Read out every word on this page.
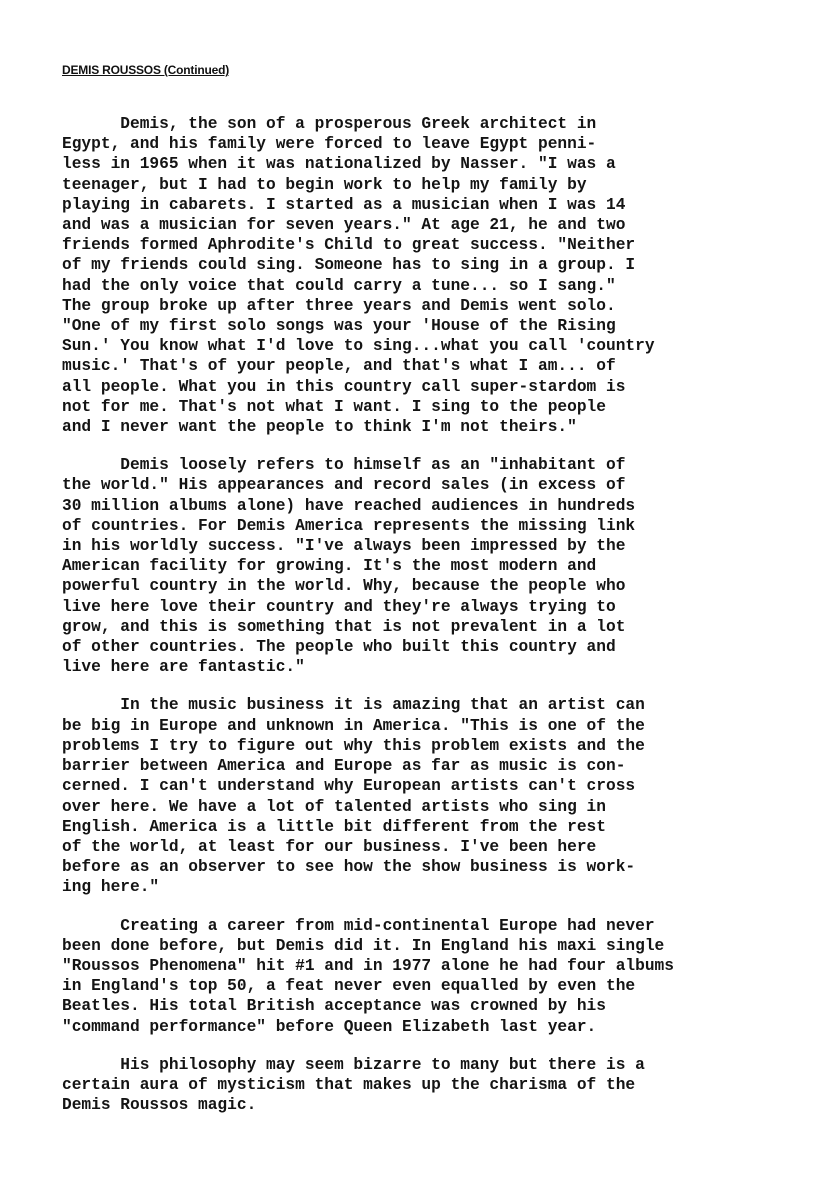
DEMIS ROUSSOS (Continued)

Demis, the son of a prosperous Greek architect in
Egypt, and his family were forced to leave Egypt penni-
less in 1965 when it was nationalized by Nasser. "I was a
teenager, but I had to begin work to help my family by
playing in cabarets. I started as a musician when I was 14
and was a musician for seven years." At age 21, he and two
friends formed Aphrodite's Child to great success. "Neither
of my friends could sing. Someone has to sing in a group. I
had the only voice that could carry a tune... so I sang."
The group broke up after three years and Demis went solo.
"One of my first solo songs was your 'House of the Rising
Sun.' You know what I'd love to sing...what you call 'country
music.' That's of your people, and that's what I am... of
all people. What you in this country call super-stardom is
not for me. That's not what I want. I sing to the people
and I never want the people to think I'm not theirs."

Demis loosely refers to himself as an "inhabitant of
the world." His appearances and record sales (in excess of
30 million albums alone) have reached audiences in hundreds
of countries. For Demis America represents the missing link
in his worldly success. "I've always been impressed by the
American facility for growing. It's the most modern and
powerful country in the world. Why, because the people who
live here love their country and they're always trying to
grow, and this is something that is not prevalent in a lot
of other countries. The people who built this country and
live here are fantastic."

In the music business it is amazing that an artist can
be big in Europe and unknown in America. "This is one of the
problems I try to figure out why this problem exists and the
barrier between America and Europe as far as music is con-
cerned. I can't understand why European artists can't cross
over here. We have a lot of talented artists who sing in
English. America is a little bit different from the rest
of the world, at least for our business. I've been here
before as an observer to see how the show business is work-
ing here."

Creating a career from mid-continental Europe had never
been done before, but Demis did it. In England his maxi single
"Roussos Phenomena" hit #1 and in 1977 alone he had four albums
in England's top 50, a feat never even equalled by even the
Beatles. His total British acceptance was crowned by his
"command performance" before Queen Elizabeth last year.

His philosophy may seem bizarre to many but there is a
certain aura of mysticism that makes up the charisma of the
Demis Roussos magic.
